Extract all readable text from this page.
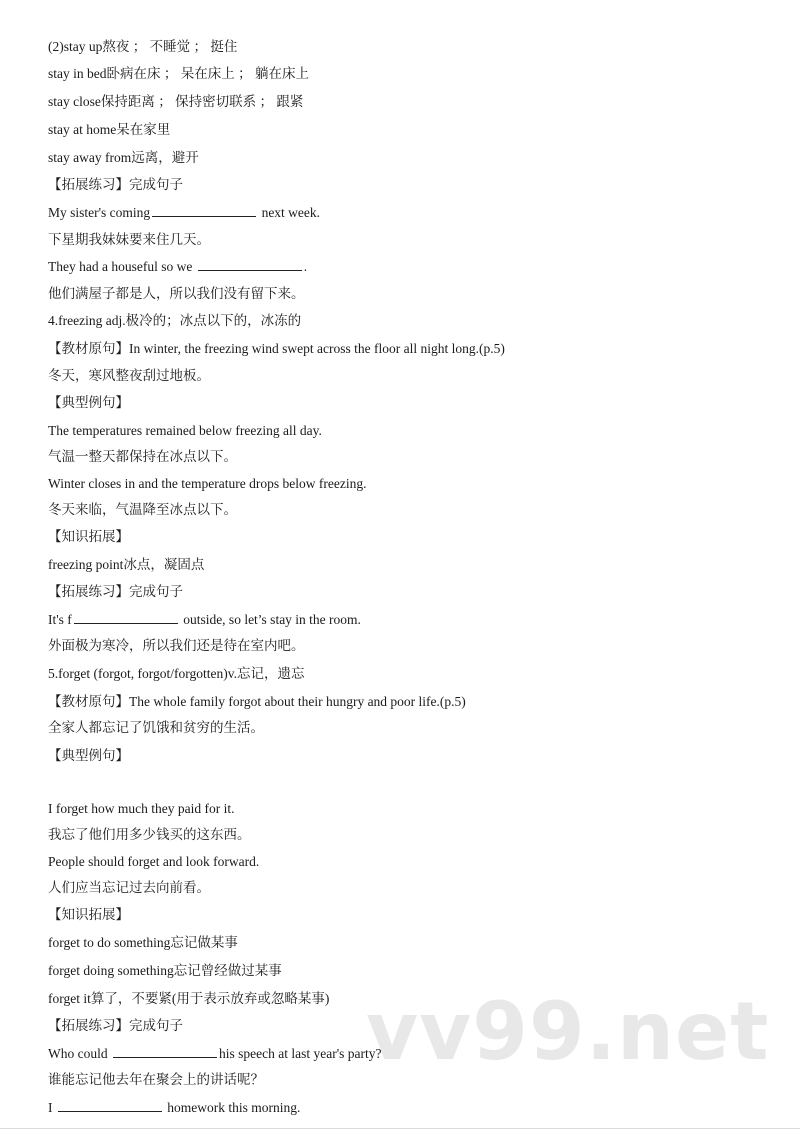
(2)stay up熬夜 ； 不睡觉 ； 挺住
stay in bed卧病在床 ； 呆在床上 ； 躺在床上
stay close保持距离 ； 保持密切联系 ； 跟紧
stay at home呆在家里
stay away from远离，避开
【拓展练习】完成句子
My sister's coming	next week.
下星期我妹妹要来住几天。
They had a houseful so we	.
他们满屋子都是人，所以我们没有留下来。
4.freezing adj.极冷的；冰点以下的，冰冻的
【教材原句】In winter, the freezing wind swept across the floor all night long.(p.5)
冬天，寒风整夜刮过地板。
【典型例句】
The temperatures remained below freezing all day.
气温一整天都保持在冰点以下。
Winter closes in and the temperature drops below freezing.
冬天来临，气温降至冰点以下。
【知识拓展】
freezing point冰点，凝固点
【拓展练习】完成句子
It's f	outside, so let’s stay in the room.
外面极为寒冷，所以我们还是待在室内吧。
5.forget (forgot, forgot/forgotten)v.忘记，遗忘
【教材原句】The whole family forgot about their hungry and poor life.(p.5)
全家人都忘记了饥饿和贫穷的生活。
【典型例句】
I forget how much they paid for it.
我忘了他们用多少钱买的这东西。
People should forget and look forward.
人们应当忘记过去向前看。
【知识拓展】
forget to do something忘记做某事
forget doing something忘记曾经做过某事
forget it算了，不要紧(用于表示放弃或忽略某事)
【拓展练习】完成句子
Who could	his speech at last year's party?
谁能忘记他去年在聚会上的讲话呢？
I	homework this morning.
vv99.net
